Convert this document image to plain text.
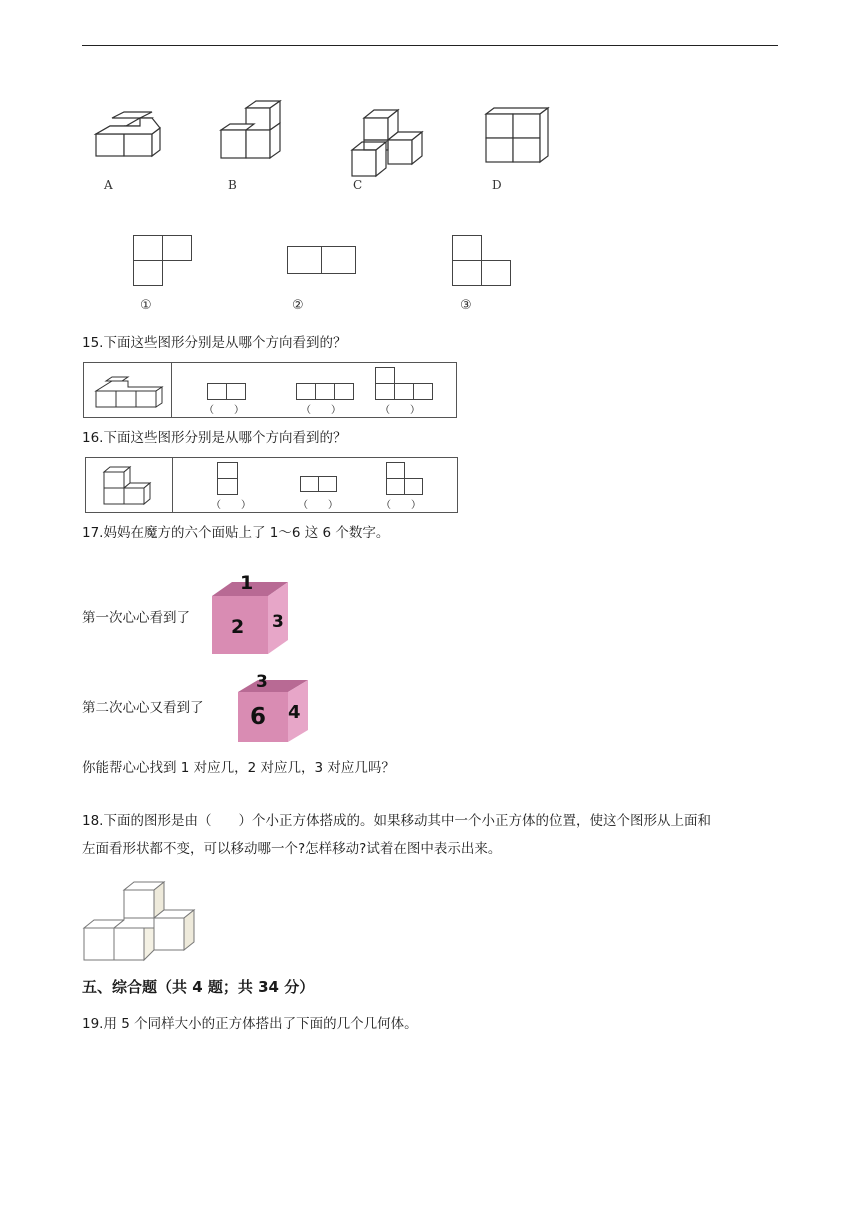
A	B	C	D
①	②	③
15.下面这些图形分别是从哪个方向看到的？
（　　）	（　　）	（　　）
16.下面这些图形分别是从哪个方向看到的？
（　　）	（　　）	（　　）
17.妈妈在魔方的六个面贴上了 1～6 这 6 个数字。
第一次心心看到了
1
2 3
第二次心心又看到了
3
6 4
你能帮心心找到 1 对应几，2 对应几，3 对应几吗？
18.下面的图形是由（　　）个小正方体搭成的。如果移动其中一个小正方体的位置，使这个图形从上面和
左面看形状都不变，可以移动哪一个?怎样移动?试着在图中表示出来。
五、综合题（共 4 题；共 34 分）
19.用 5 个同样大小的正方体搭出了下面的几个几何体。
